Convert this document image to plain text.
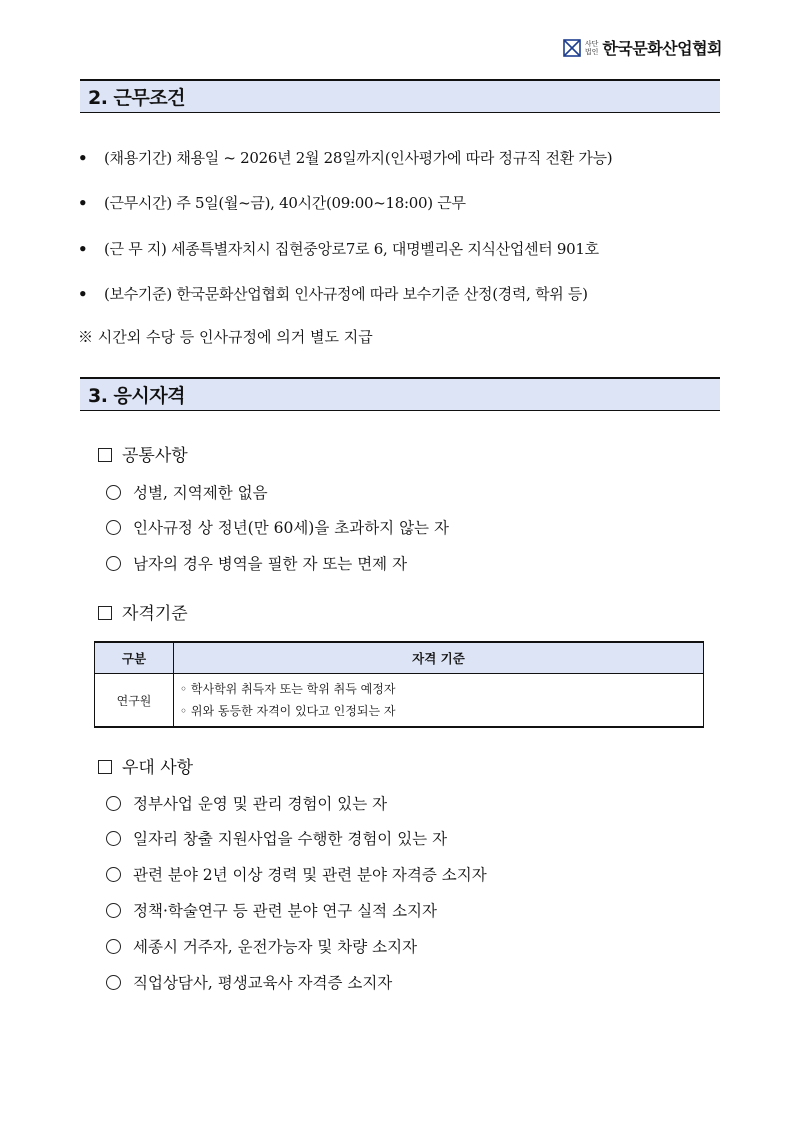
사단
법인 한국문화산업협회
2. 근무조건
• (채용기간) 채용일 ~ 2026년 2월 28일까지(인사평가에 따라 정규직 전환 가능)
• (근무시간) 주 5일(월~금), 40시간(09:00~18:00) 근무
• (근 무 지) 세종특별자치시 집현중앙로7로 6, 대명벨리온 지식산업센터 901호
• (보수기준) 한국문화산업협회 인사규정에 따라 보수기준 산정(경력, 학위 등)
※ 시간외 수당 등 인사규정에 의거 별도 지급
3. 응시자격
공통사항
성별, 지역제한 없음
인사규정 상 정년(만 60세)을 초과하지 않는 자
남자의 경우 병역을 필한 자 또는 면제 자
자격기준
구분	자격 기준
연구원	◦ 학사학위 취득자 또는 학위 취득 예정자
◦ 위와 동등한 자격이 있다고 인정되는 자
우대 사항
정부사업 운영 및 관리 경험이 있는 자
일자리 창출 지원사업을 수행한 경험이 있는 자
관련 분야 2년 이상 경력 및 관련 분야 자격증 소지자
정책·학술연구 등 관련 분야 연구 실적 소지자
세종시 거주자, 운전가능자 및 차량 소지자
직업상담사, 평생교육사 자격증 소지자
